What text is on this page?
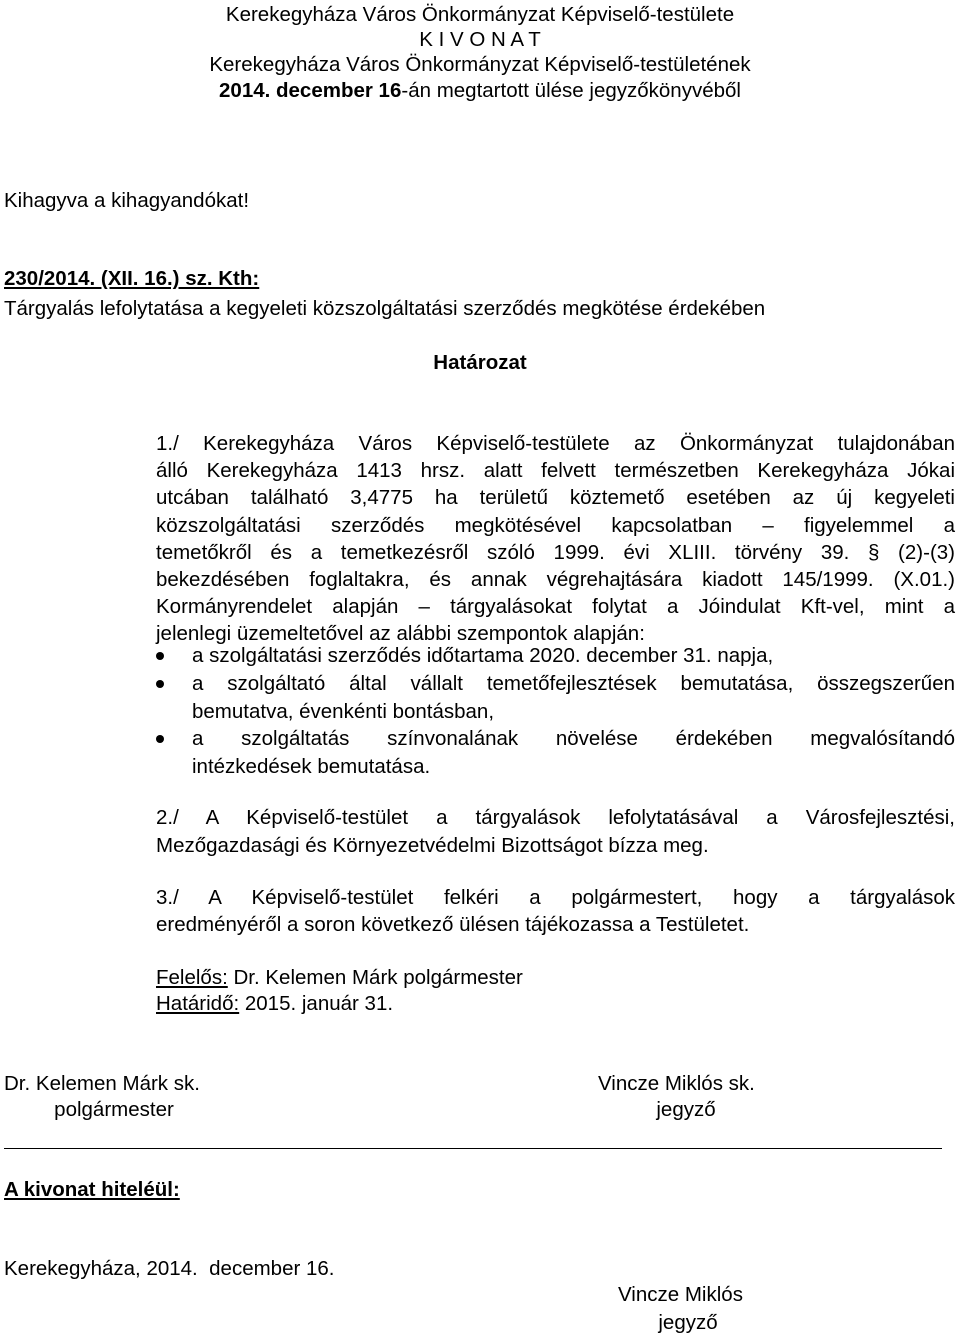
Kerekegyháza Város Önkormányzat Képviselő-testülete
K I V O N A T
Kerekegyháza Város Önkormányzat Képviselő-testületének
2014. december 16-án megtartott ülése jegyzőkönyvéből
Kihagyva a kihagyandókat!
230/2014. (XII. 16.) sz. Kth:
Tárgyalás lefolytatása a kegyeleti közszolgáltatási szerződés megkötése érdekében
Határozat
1./ Kerekegyháza Város Képviselő-testülete az Önkormányzat tulajdonában
álló Kerekegyháza 1413 hrsz. alatt felvett természetben Kerekegyháza Jókai
utcában található 3,4775 ha területű köztemető esetében az új kegyeleti
közszolgáltatási szerződés megkötésével kapcsolatban – figyelemmel a
temetőkről és a temetkezésről szóló 1999. évi XLIII. törvény 39. § (2)-(3)
bekezdésében foglaltakra, és annak végrehajtására kiadott 145/1999. (X.01.)
Kormányrendelet alapján – tárgyalásokat folytat a Jóindulat Kft-vel, mint a
jelenlegi üzemeltetővel az alábbi szempontok alapján:
a szolgáltatási szerződés időtartama 2020. december 31. napja,
a szolgáltató által vállalt temetőfejlesztések bemutatása, összegszerűen
bemutatva, évenkénti bontásban,
a szolgáltatás színvonalának növelése érdekében megvalósítandó
intézkedések bemutatása.
2./ A Képviselő-testület a tárgyalások lefolytatásával a Városfejlesztési,
Mezőgazdasági és Környezetvédelmi Bizottságot bízza meg.
3./ A Képviselő-testület felkéri a polgármestert, hogy a tárgyalások
eredményéről a soron következő ülésen tájékozassa a Testületet.
Felelős: Dr. Kelemen Márk polgármester
Határidő: 2015. január 31.
Dr. Kelemen Márk sk.
polgármester
Vincze Miklós sk.
jegyző
A kivonat hiteléül:
Kerekegyháza, 2014.  december 16.
Vincze Miklós
jegyző
